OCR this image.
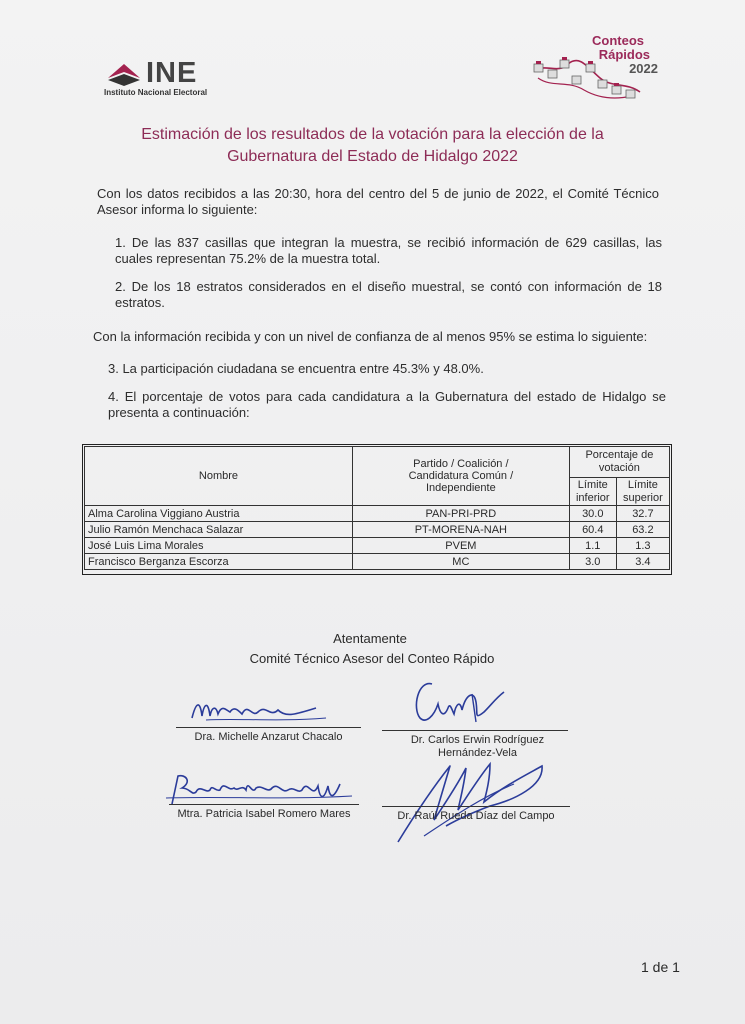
INE
Instituto Nacional Electoral
Conteos
Rápidos
2022
Estimación de los resultados de la votación para la elección de la
Gubernatura del Estado de Hidalgo 2022
Con los datos recibidos a las 20:30, hora del centro del 5 de junio de 2022, el Comité Técnico Asesor informa lo siguiente:
1. De las 837 casillas que integran la muestra, se recibió información de 629 casillas, las cuales representan 75.2% de la muestra total.
2. De los 18 estratos considerados en el diseño muestral, se contó con información de 18 estratos.
Con la información recibida y con un nivel de confianza de al menos 95% se estima lo siguiente:
3. La participación ciudadana se encuentra entre 45.3% y 48.0%.
4. El porcentaje de votos para cada candidatura a la Gubernatura del estado de Hidalgo se presenta a continuación:
Nombre	Partido / Coalición / Candidatura Común / Independiente	Porcentaje de votación	
		Límite inferior	Límite superior
Alma Carolina Viggiano Austria	PAN-PRI-PRD	30.0	32.7
Julio Ramón Menchaca Salazar	PT-MORENA-NAH	60.4	63.2
José Luis Lima Morales	PVEM	1.1	1.3
Francisco Berganza Escorza	MC	3.0	3.4
Atentamente
Comité Técnico Asesor del Conteo Rápido
Dra. Michelle Anzarut Chacalo	Dr. Carlos Erwin Rodríguez
Hernández-Vela
Mtra. Patricia Isabel Romero Mares	Dr. Raúl Rueda Díaz del Campo
1 de 1
